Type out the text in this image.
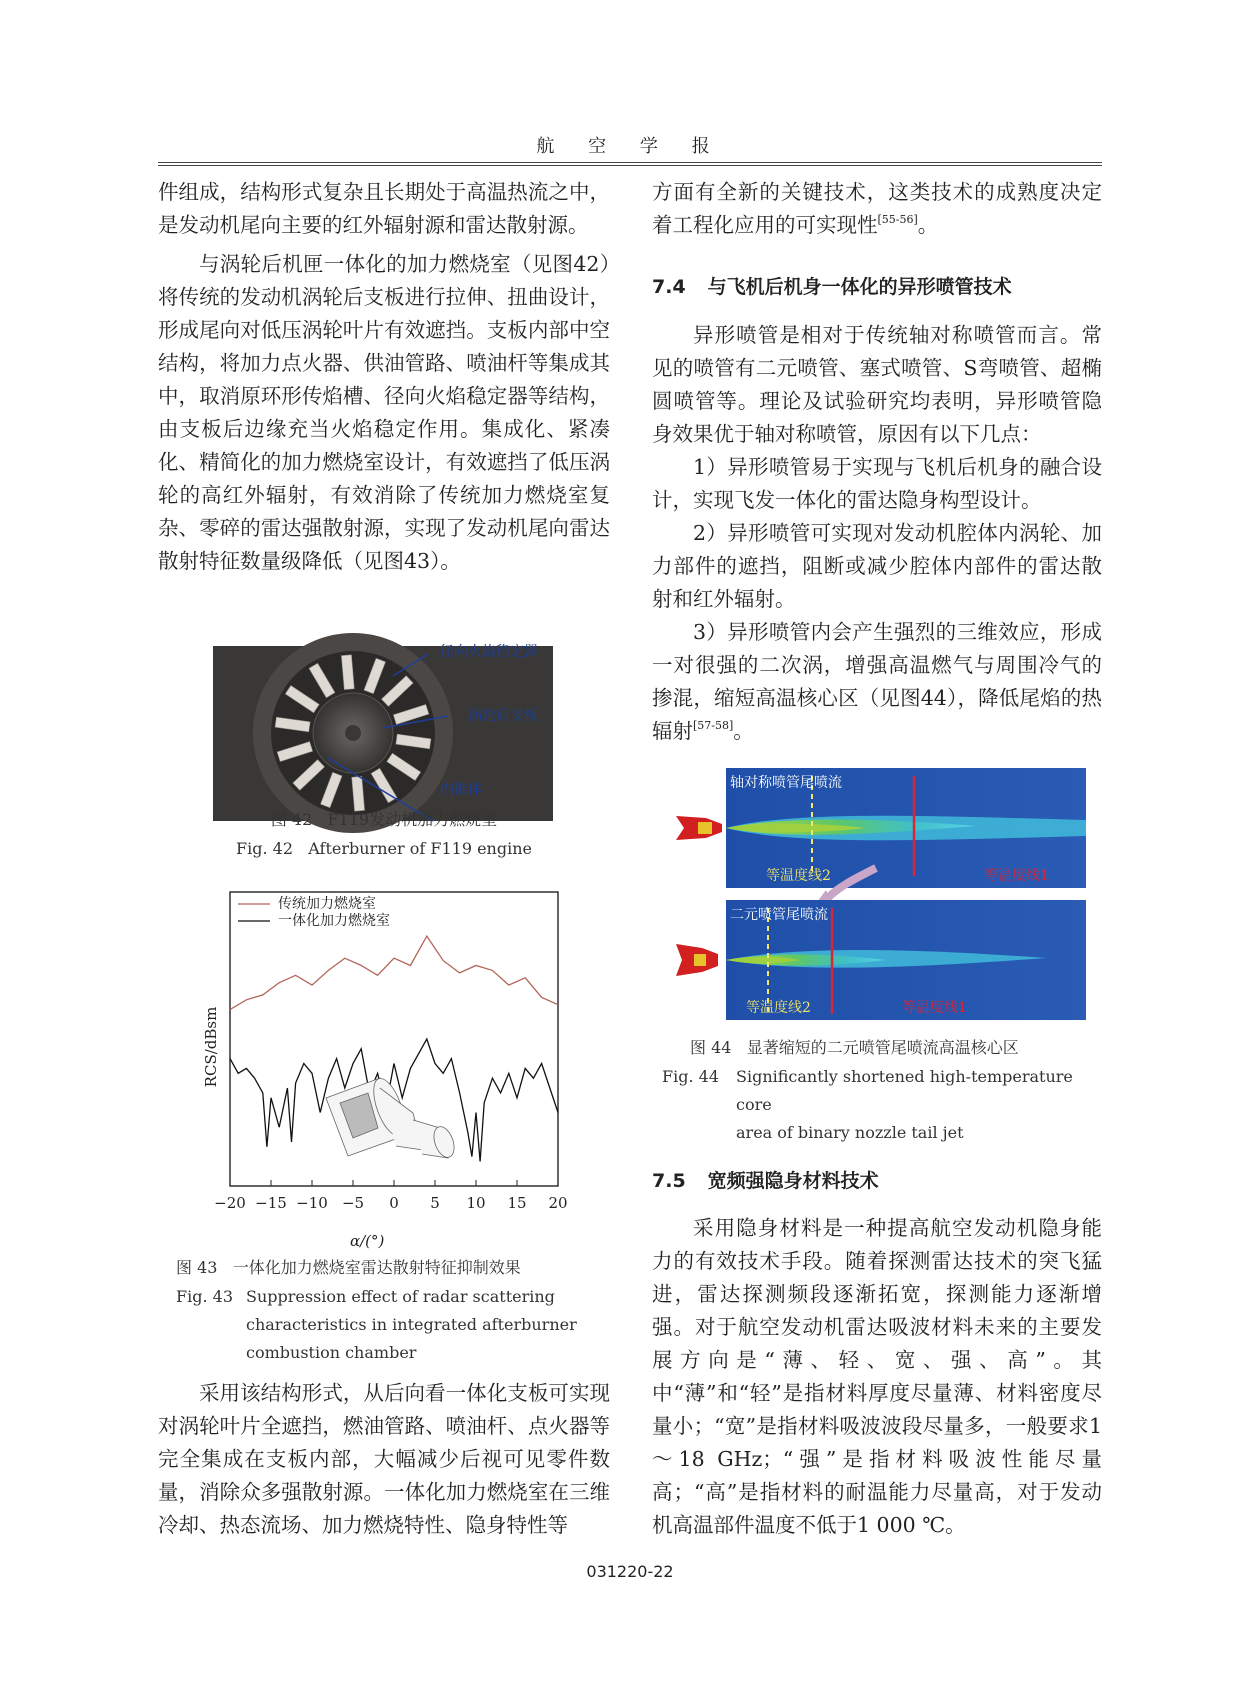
航 空 学 报

件组成，结构形式复杂且长期处于高温热流之中，是发动机尾向主要的红外辐射源和雷达散射源。

与涡轮后机匣一体化的加力燃烧室（见图42）将传统的发动机涡轮后支板进行拉伸、扭曲设计，形成尾向对低压涡轮叶片有效遮挡。支板内部中空结构，将加力点火器、供油管路、喷油杆等集成其中，取消原环形传焰槽、径向火焰稳定器等结构，由支板后边缘充当火焰稳定作用。集成化、紧凑化、精简化的加力燃烧室设计，有效遮挡了低压涡轮的高红外辐射，有效消除了传统加力燃烧室复杂、零碎的雷达强散射源，实现了发动机尾向雷达散射特征数量级降低（见图43）。

径向火焰稳定器
涡轮后支板
内锥体
图 42 F119发动机加力燃烧室
Fig. 42 Afterburner of F119 engine
RCS/dBsm
−20 −15 −10 −5 0 5 10 15 20
传统加力燃烧室
一体化加力燃烧室
α/(°)
图 43 一体化加力燃烧室雷达散射特征抑制效果
Fig. 43 Suppression effect of radar scattering characteristics in integrated afterburner combustion chamber

采用该结构形式，从后向看一体化支板可实现对涡轮叶片全遮挡，燃油管路、喷油杆、点火器等完全集成在支板内部，大幅减少后视可见零件数量，消除众多强散射源。一体化加力燃烧室在三维冷却、热态流场、加力燃烧特性、隐身特性等

方面有全新的关键技术，这类技术的成熟度决定着工程化应用的可实现性[55-56]。

7.4 与飞机后机身一体化的异形喷管技术

异形喷管是相对于传统轴对称喷管而言。常见的喷管有二元喷管、塞式喷管、S弯喷管、超椭圆喷管等。理论及试验研究均表明，异形喷管隐身效果优于轴对称喷管，原因有以下几点：

1）异形喷管易于实现与飞机后机身的融合设计，实现飞发一体化的雷达隐身构型设计。

2）异形喷管可实现对发动机腔体内涡轮、加力部件的遮挡，阻断或减少腔体内部件的雷达散射和红外辐射。

3）异形喷管内会产生强烈的三维效应，形成一对很强的二次涡，增强高温燃气与周围冷气的掺混，缩短高温核心区（见图44），降低尾焰的热辐射[57-58]。

轴对称喷管尾喷流
等温度线2	等温度线1
二元喷管尾喷流
等温度线2	等温度线1
图 44 显著缩短的二元喷管尾喷流高温核心区
Fig. 44	Significantly shortened high-temperature core
area of binary nozzle tail jet
7.5 宽频强隐身材料技术

采用隐身材料是一种提高航空发动机隐身能力的有效技术手段。随着探测雷达技术的突飞猛进，雷达探测频段逐渐拓宽，探测能力逐渐增强。对于航空发动机雷达吸波材料未来的主要发展方向是“薄、轻、宽、强、高”。其中“薄”和“轻”是指材料厚度尽量薄、材料密度尽量小；“宽”是指材料吸波波段尽量多，一般要求1～18 GHz；“强”是指材料吸波性能尽量高；“高”是指材料的耐温能力尽量高，对于发动机高温部件温度不低于1 000 ℃。

031220-22
